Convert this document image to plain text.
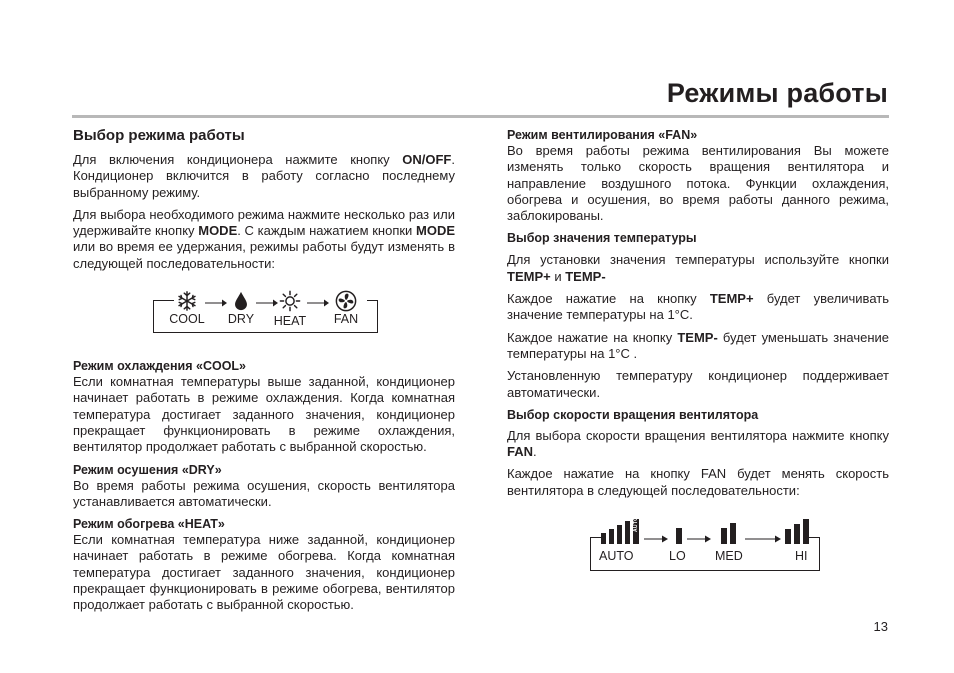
Режимы работы
Выбор режима работы

Для включения кондиционера нажмите кнопку ON/OFF. Кондиционер включится в работу согласно последнему выбранному режиму.

Для выбора необходимого режима нажмите несколько раз или удерживайте кнопку MODE. С каждым нажатием кнопки MODE или во время ее удержания, режимы работы будут изменять в следующей последовательности:

COOL	DRY	HEAT	FAN
Режим охлаждения «COOL»

Если комнатная температуры выше заданной, кондиционер начинает работать в режиме охлаждения. Когда комнатная температура достигает заданного значения, кондиционер прекращает функционировать в режиме охлаждения, вентилятор продолжает работать с выбранной скоростью.

Режим осушения «DRY»

Во время работы режима осушения, скорость вентилятора устанавливается автоматически.

Режим обогрева «HEAT»

Если комнатная температура ниже заданной, кондиционер начинает работать в режиме обогрева. Когда комнатная температура достигает заданного значения, кондиционер прекращает функционировать в режиме обогрева, вентилятор продолжает работать с выбранной скоростью.

Режим вентилирования «FAN»

Во время работы режима вентилирования Вы можете изменять только скорость вращения вентилятора и направление воздушного потока. Функции охлаждения, обогрева и осушения, во время работы данного режима, заблокированы.

Выбор значения температуры

Для установки значения температуры используйте кнопки TEMP+ и TEMP-

Каждое нажатие на кнопку TEMP+ будет увеличивать значение температуры на 1°C.

Каждое нажатие на кнопку TEMP- будет уменьшать значение температуры на 1°C .

Установленную температуру кондиционер поддерживает автоматически.

Выбор скорости вращения вентилятора

Для выбора скорости вращения вентилятора нажмите кнопку FAN.

Каждое нажатие на кнопку FAN будет менять скорость вентилятора в следующей последовательности:

AUTO
AUTO	LO MED	HI
13
